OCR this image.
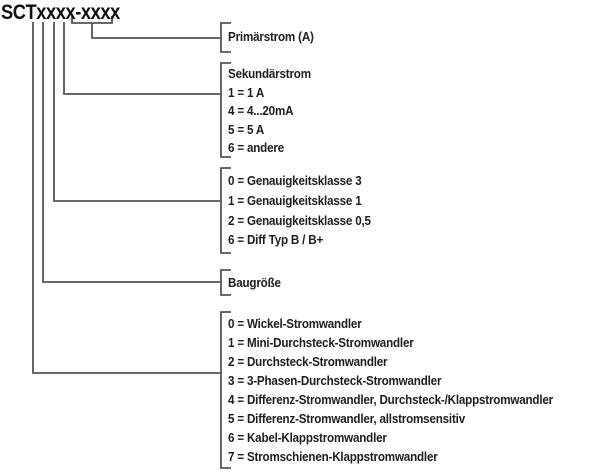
SCTxxxx-xxxx
Primärstrom (A)
Sekundärstrom
1 = 1 A
4 = 4...20mA
5 = 5 A
6 = andere
0 = Genauigkeitsklasse 3
1 = Genauigkeitsklasse 1
2 = Genauigkeitsklasse 0,5
6 = Diff Typ B / B+
Baugröße
0 = Wickel-Stromwandler
1 = Mini-Durchsteck-Stromwandler
2 = Durchsteck-Stromwandler
3 = 3-Phasen-Durchsteck-Stromwandler
4 = Differenz-Stromwandler, Durchsteck-/Klappstromwandler
5 = Differenz-Stromwandler, allstromsensitiv
6 = Kabel-Klappstromwandler
7 = Stromschienen-Klappstromwandler
